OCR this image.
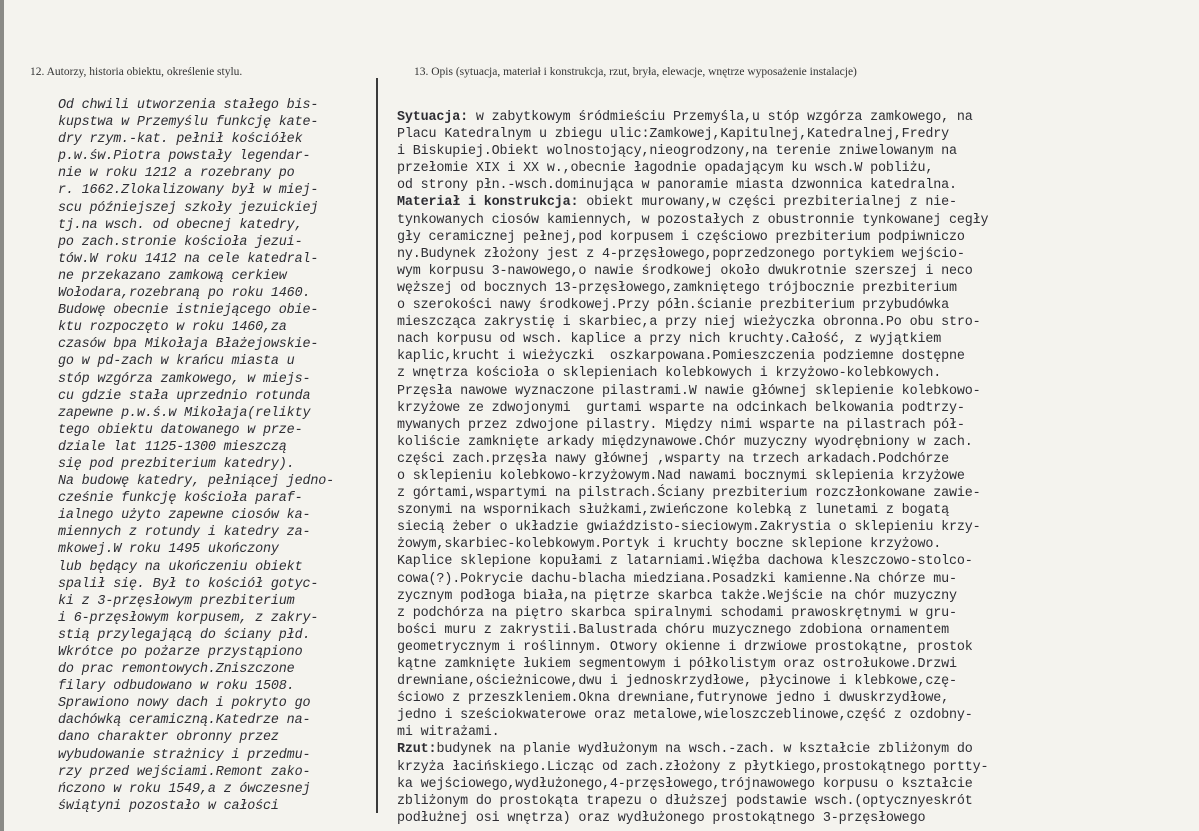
12. Autorzy, historia obiektu, określenie stylu.	13. Opis (sytuacja, materiał i konstrukcja, rzut, bryła, elewacje, wnętrze wyposażenie instalacje)
Od chwili utworzenia stałego bis-
kupstwa w Przemyślu funkcję kate-
dry rzym.-kat. pełnił kościółek
p.w.św.Piotra powstały legendar-
nie w roku 1212 a rozebrany po
r. 1662.Zlokalizowany był w miej-
scu późniejszej szkoły jezuickiej
tj.na wsch. od obecnej katedry,
po zach.stronie kościoła jezui-
tów.W roku 1412 na cele katedral-
ne przekazano zamkową cerkiew
Wołodara,rozebraną po roku 1460.
Budowę obecnie istniejącego obie-
ktu rozpoczęto w roku 1460,za
czasów bpa Mikołaja Błażejowskie-
go w pd-zach w krańcu miasta u
stóp wzgórza zamkowego, w miejs-
cu gdzie stała uprzednio rotunda
zapewne p.w.ś.w Mikołaja(relikty
tego obiektu datowanego w prze-
dziale lat 1125-1300 mieszczą
się pod prezbiterium katedry).
Na budowę katedry, pełniącej jedno-
cześnie funkcję kościoła paraf-
ialnego użyto zapewne ciosów ka-
miennych z rotundy i katedry za-
mkowej.W roku 1495 ukończony
lub będący na ukończeniu obiekt
spalił się. Był to kościół gotyc-
ki z 3-przęsłowym prezbiterium
i 6-przęsłowym korpusem, z zakry-
stią przylegającą do ściany płd.
Wkrótce po pożarze przystąpiono
do prac remontowych.Zniszczone
filary odbudowano w roku 1508.
Sprawiono nowy dach i pokryto go
dachówką ceramiczną.Katedrze na-
dano charakter obronny przez
wybudowanie strażnicy i przedmu-
rzy przed wejściami.Remont zako-
ńczono w roku 1549,a z ówczesnej
świątyni pozostało w całości
Sytuacja: w zabytkowym śródmieściu Przemyśla,u stóp wzgórza zamkowego, na
Placu Katedralnym u zbiegu ulic:Zamkowej,Kapitulnej,Katedralnej,Fredry
i Biskupiej.Obiekt wolnostojący,nieogrodzony,na terenie zniwelowanym na
przełomie XIX i XX w.,obecnie łagodnie opadającym ku wsch.W pobliżu,
od strony płn.-wsch.dominująca w panoramie miasta dzwonnica katedralna.
Materiał i konstrukcja: obiekt murowany,w części prezbiterialnej z nie-
tynkowanych ciosów kamiennych, w pozostałych z obustronnie tynkowanej cegły
gły ceramicznej pełnej,pod korpusem i częściowo prezbiterium podpiwniczo
ny.Budynek złożony jest z 4-przęsłowego,poprzedzonego portykiem wejścio-
wym korpusu 3-nawowego,o nawie środkowej około dwukrotnie szerszej i neco
węższej od bocznych 13-przęsłowego,zamkniętego trójbocznie prezbiterium
o szerokości nawy środkowej.Przy półn.ścianie prezbiterium przybudówka
mieszcząca zakrystię i skarbiec,a przy niej wieżyczka obronna.Po obu stro-
nach korpusu od wsch. kaplice a przy nich kruchty.Całość, z wyjątkiem
kaplic,krucht i wieżyczki  oszkarpowana.Pomieszczenia podziemne dostępne
z wnętrza kościoła o sklepieniach kolebkowych i krzyżowo-kolebkowych.
Przęsła nawowe wyznaczone pilastrami.W nawie głównej sklepienie kolebkowo-
krzyżowe ze zdwojonymi  gurtami wsparte na odcinkach belkowania podtrzy-
mywanych przez zdwojone pilastry. Między nimi wsparte na pilastrach pół-
koliście zamknięte arkady międzynawowe.Chór muzyczny wyodrębniony w zach.
części zach.przęsła nawy głównej ,wsparty na trzech arkadach.Podchórze
o sklepieniu kolebkowo-krzyżowym.Nad nawami bocznymi sklepienia krzyżowe
z górtami,wspartymi na pilstrach.Ściany prezbiterium rozczłonkowane zawie-
szonymi na wspornikach służkami,zwieńczone kolebką z lunetami z bogatą
siecią żeber o układzie gwiaździsto-sieciowym.Zakrystia o sklepieniu krzy-
żowym,skarbiec-kolebkowym.Portyk i kruchty boczne sklepione krzyżowo.
Kaplice sklepione kopułami z latarniami.Więźba dachowa kleszczowo-stolco-
cowa(?).Pokrycie dachu-blacha miedziana.Posadzki kamienne.Na chórze mu-
zycznym podłoga biała,na piętrze skarbca także.Wejście na chór muzyczny
z podchórza na piętro skarbca spiralnymi schodami prawoskrętnymi w gru-
bości muru z zakrystii.Balustrada chóru muzycznego zdobiona ornamentem
geometrycznym i roślinnym. Otwory okienne i drzwiowe prostokątne, prostok
kątne zamknięte łukiem segmentowym i półkolistym oraz ostrołukowe.Drzwi
drewniane,ościeżnicowe,dwu i jednoskrzydłowe, płycinowe i klebkowe,czę-
ściowo z przeszkleniem.Okna drewniane,futrynowe jedno i dwuskrzydłowe,
jedno i sześciokwaterowe oraz metalowe,wieloszczeblinowe,część z ozdobny-
mi witrażami.
Rzut:budynek na planie wydłużonym na wsch.-zach. w kształcie zbliżonym do
krzyża łacińskiego.Licząc od zach.złożony z płytkiego,prostokątnego portty-
ka wejściowego,wydłużonego,4-przęsłowego,trójnawowego korpusu o kształcie
zbliżonym do prostokąta trapezu o dłuższej podstawie wsch.(optycznyeskrót
podłużnej osi wnętrza) oraz wydłużonego prostokątnego 3-przęsłowego
